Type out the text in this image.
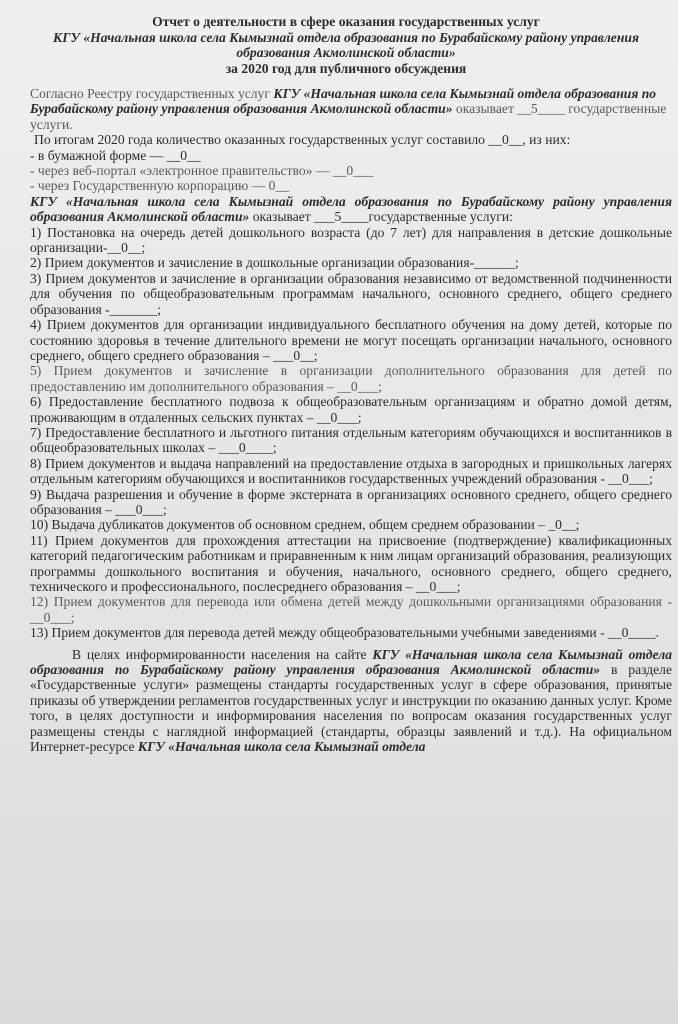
Отчет о деятельности в сфере оказания государственных услуг
КГУ «Начальная школа села Кымызнай отдела образования по Бурабайскому району управления образования Акмолинской области»
за 2020 год для публичного обсуждения

Согласно Реестру государственных услуг КГУ «Начальная школа села Кымызнай отдела образования по Бурабайскому району управления образования Акмолинской области» оказывает __5____ государственные услуги.

По итогам 2020 года количество оказанных государственных услуг составило __0__, из них:

- в бумажной форме — __0__

- через веб-портал «электронное правительство» — __0___

- через Государственную корпорацию — 0__

КГУ «Начальная школа села Кымызнай отдела образования по Бурабайскому району управления образования Акмолинской области» оказывает ___5____государственные услуги:

1) Постановка на очередь детей дошкольного возраста (до 7 лет) для направления в детские дошкольные организации-__0__;

2) Прием документов и зачисление в дошкольные организации образования-______;

3) Прием документов и зачисление в организации образования независимо от ведомственной подчиненности для обучения по общеобразовательным программам начального, основного среднего, общего среднего образования -_______;

4) Прием документов для организации индивидуального бесплатного обучения на дому детей, которые по состоянию здоровья в течение длительного времени не могут посещать организации начального, основного среднего, общего среднего образования – ___0__;

5) Прием документов и зачисление в организации дополнительного образования для детей по предоставлению им дополнительного образования – __0___;

6) Предоставление бесплатного подвоза к общеобразовательным организациям и обратно домой детям, проживающим в отдаленных сельских пунктах – __0___;

7) Предоставление бесплатного и льготного питания отдельным категориям обучающихся и воспитанников в общеобразовательных школах – ___0____;

8) Прием документов и выдача направлений на предоставление отдыха в загородных и пришкольных лагерях отдельным категориям обучающихся и воспитанников государственных учреждений образования - __0___;

9) Выдача разрешения и обучение в форме экстерната в организациях основного среднего, общего среднего образования – ___0___;

10) Выдача дубликатов документов об основном среднем, общем среднем образовании – _0__;

11) Прием документов для прохождения аттестации на присвоение (подтверждение) квалификационных категорий педагогическим работникам и приравненным к ним лицам организаций образования, реализующих программы дошкольного воспитания и обучения, начального, основного среднего, общего среднего, технического и профессионального, послесреднего образования – __0___;

12) Прием документов для перевода или обмена детей между дошкольными организациями образования - __0___;

13) Прием документов для перевода детей между общеобразовательными учебными заведениями - __0____.

В целях информированности населения на сайте КГУ «Начальная школа села Кымызнай отдела образования по Бурабайскому району управления образования Акмолинской области» в разделе «Государственные услуги» размещены стандарты государственных услуг в сфере образования, принятые приказы об утверждении регламентов государственных услуг и инструкции по оказанию данных услуг. Кроме того, в целях доступности и информирования населения по вопросам оказания государственных услуг размещены стенды с наглядной информацией (стандарты, образцы заявлений и т.д.). На официальном Интернет-ресурсе КГУ «Начальная школа села Кымызнай отдела
